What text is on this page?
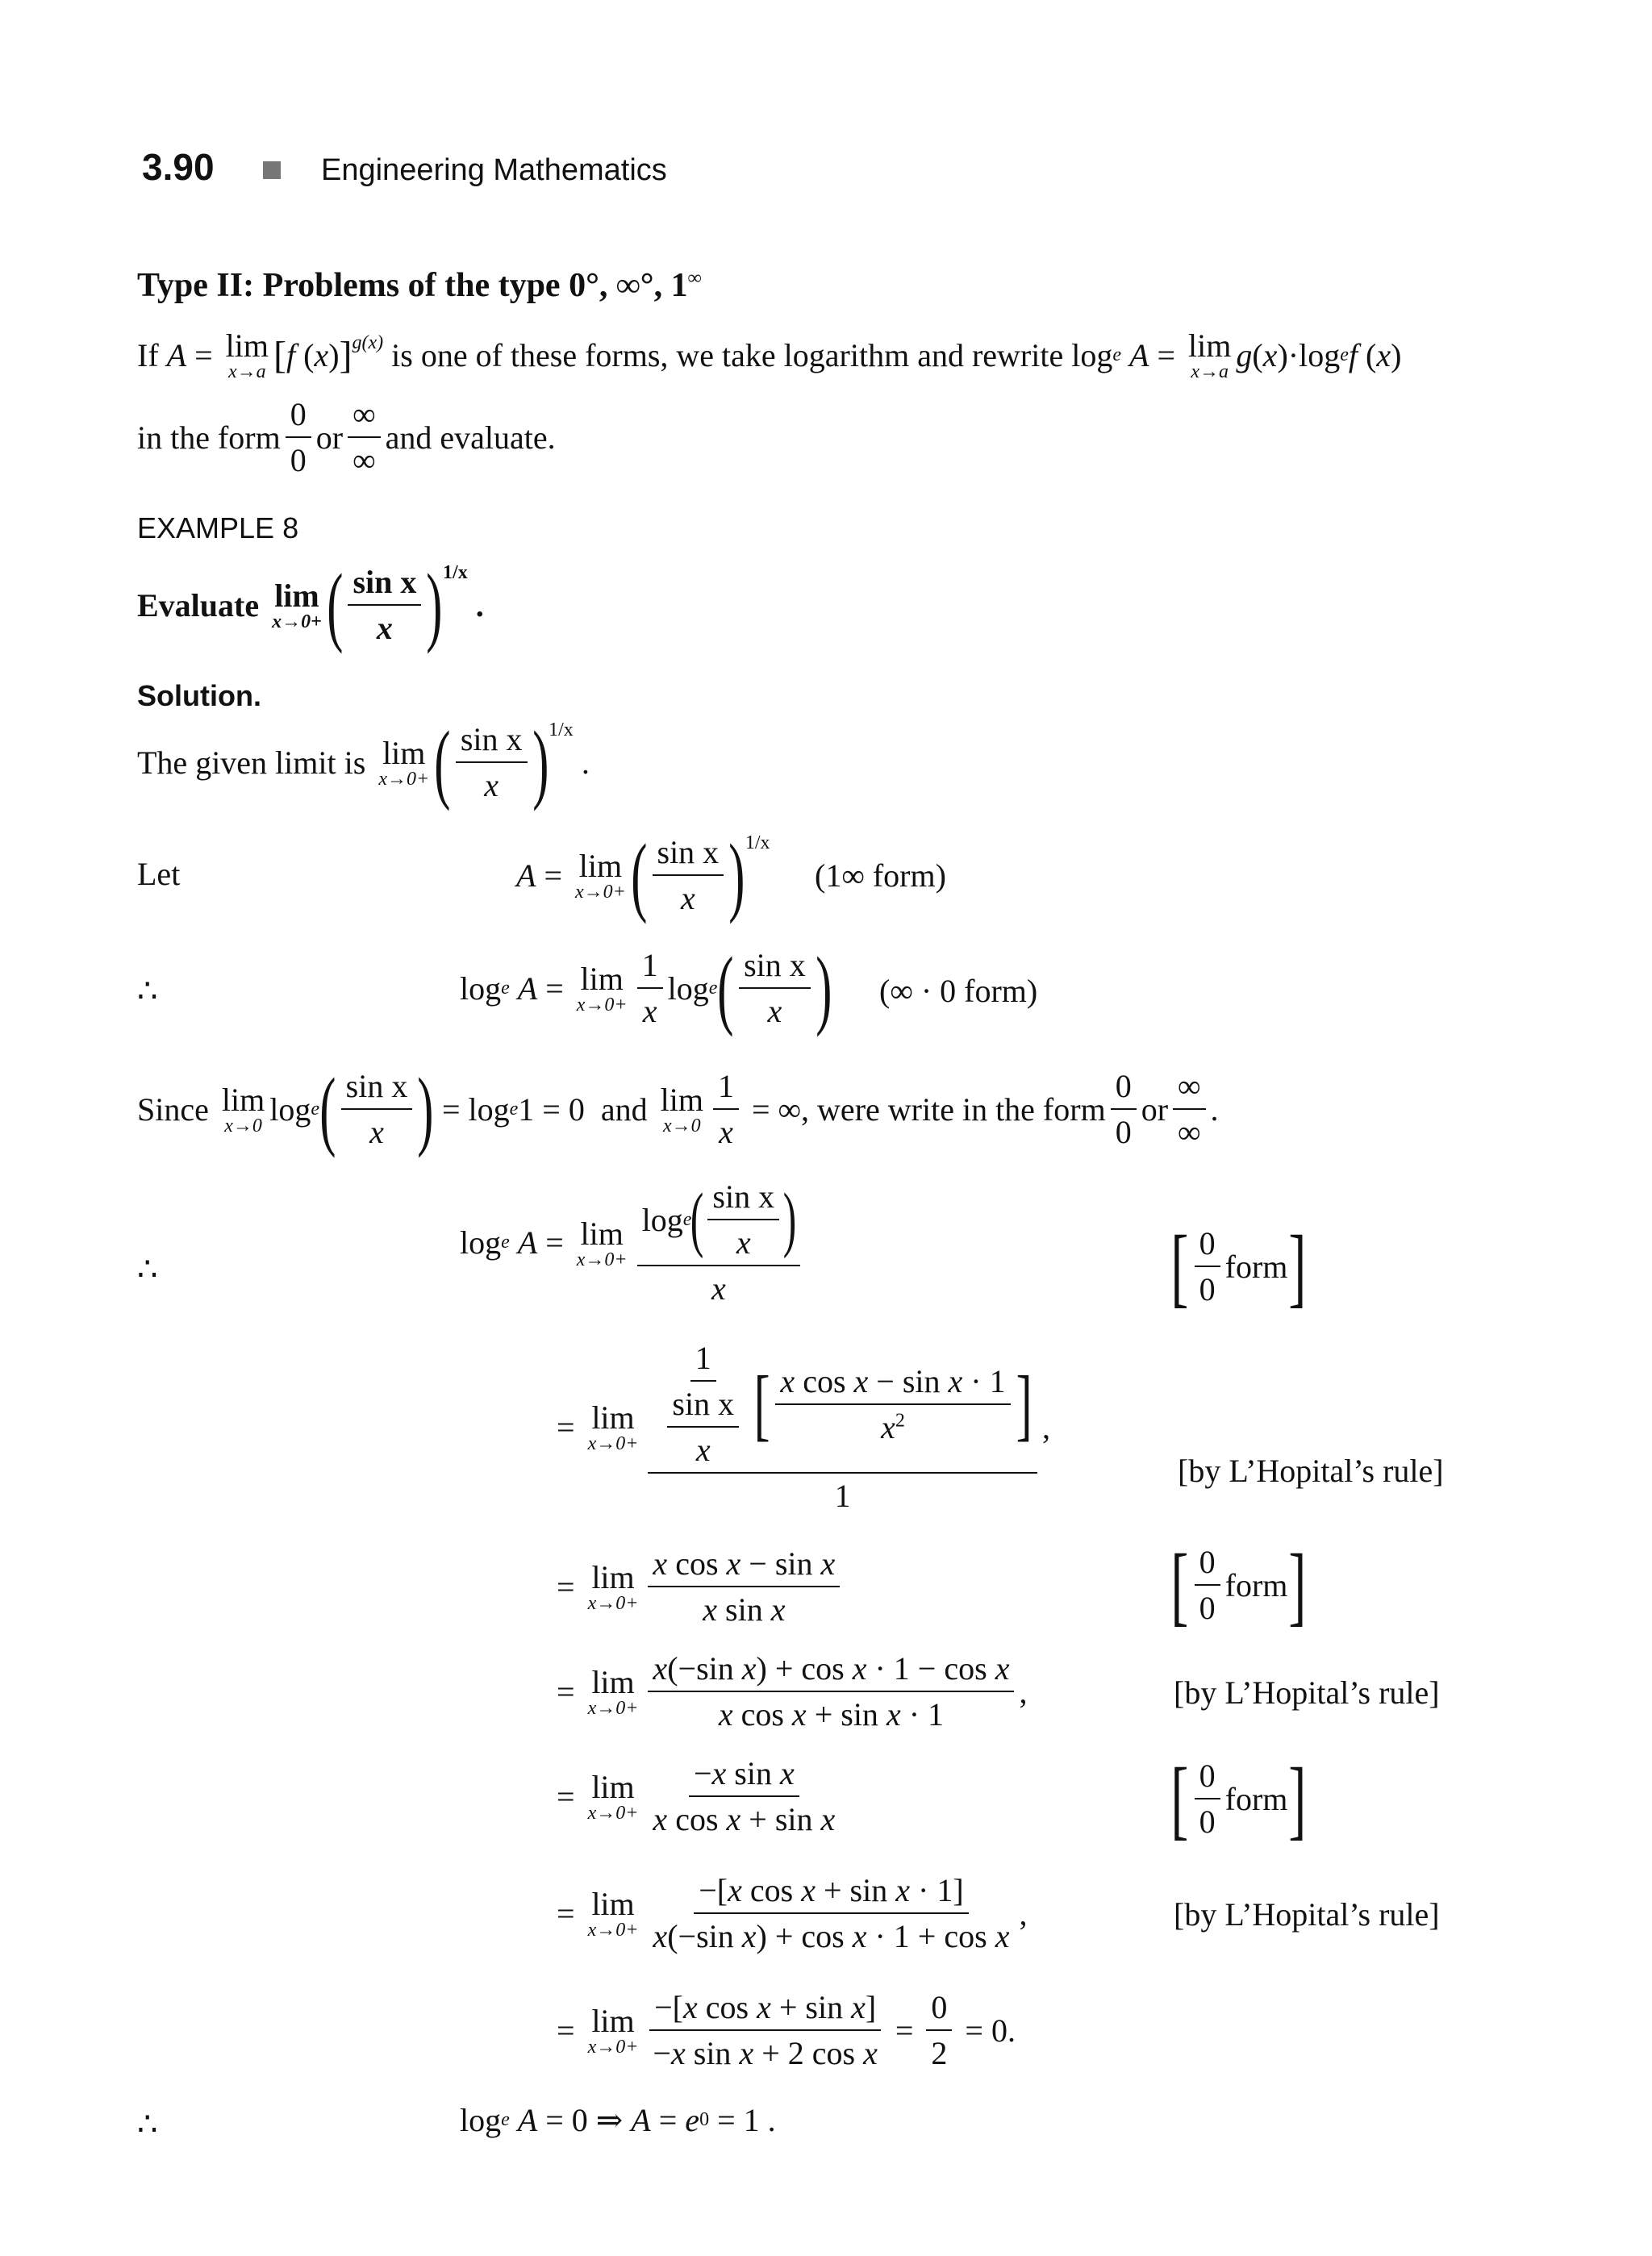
3.90	Engineering Mathematics
Type II: Problems of the type 0°, ∞°, 1∞
If
A = lim
x→a [ f ( x ) ] g(x)
is one of these forms, we take logarithm and rewrite log e
A = lim
x→a g ( x )·log e f ( x )
in the form $\frac{0}{0}$ or $\frac{\infty}{\infty}$ and evaluate.
EXAMPLE 8
Evaluate
lim
x→0+ ( $\frac{\text{sin x}}{x}$ ) 1/x
.
Solution.
The given limit is
lim
x→0+ ( $\frac{\text{sin x}}{x}$ ) 1/x
.
Let	A = lim
x→0+ ( $\frac{\text{sin x}}{x}$ ) 1/x
(1∞ form)
∴	log e
A = lim
$x\to 0+ \frac{1}{x}$ log e ( $\frac{\text{sin x}}{x}$ ) (∞ · 0 form)
Since
lim
x→0 log e ( $\frac{\text{sin x}}{x}$ ) = log e 1 = 0 and
lim
$x\to 0 \frac{1}{x}$ = ∞, were write in the form $\frac{0}{0}$ or $\frac{\infty}{\infty}$ .
∴
log e
A = lim
x→0+ log e
( $\frac{\text{sin x}}{x}$ )
x	[ $\frac{0}{0}$ form ]
= lim
$x\to 0+ \frac{\frac{1}{\frac{\text{sin x}}{x}} [ \frac{\text{x cos x − sin x · 1}}{x^2} ]}{1}$ ,
[by L’Hopital’s rule]
= lim
$x\to 0+ \frac{\text{x cos x − sin x}}{\text{x sin x}}$	[ $\frac{0}{0}$ form ]
= lim
$x\to 0+ \frac{\text{x(−sin x) + cos x · 1 − cos x}}{\text{x cos x + sin x · 1}}$ ,	[by L’Hopital’s rule]
= lim
$x\to 0+ \frac{\text{−x sin x}}{\text{x cos x + sin x}}$	[ $\frac{0}{0}$ form ]
= lim
$x\to 0+ \frac{\text{−[x cos x + sin x · 1]}}{\text{x(−sin x) + cos x · 1 + cos x}}$ ,	[by L’Hopital’s rule]
= lim
$x\to 0+ \frac{\text{−[x cos x + sin x]}}{\text{−x sin x + 2 cos x}} = \frac{0}{2} = 0$.
∴	log e
A = 0 ⇒ A = e 0 = 1 .
